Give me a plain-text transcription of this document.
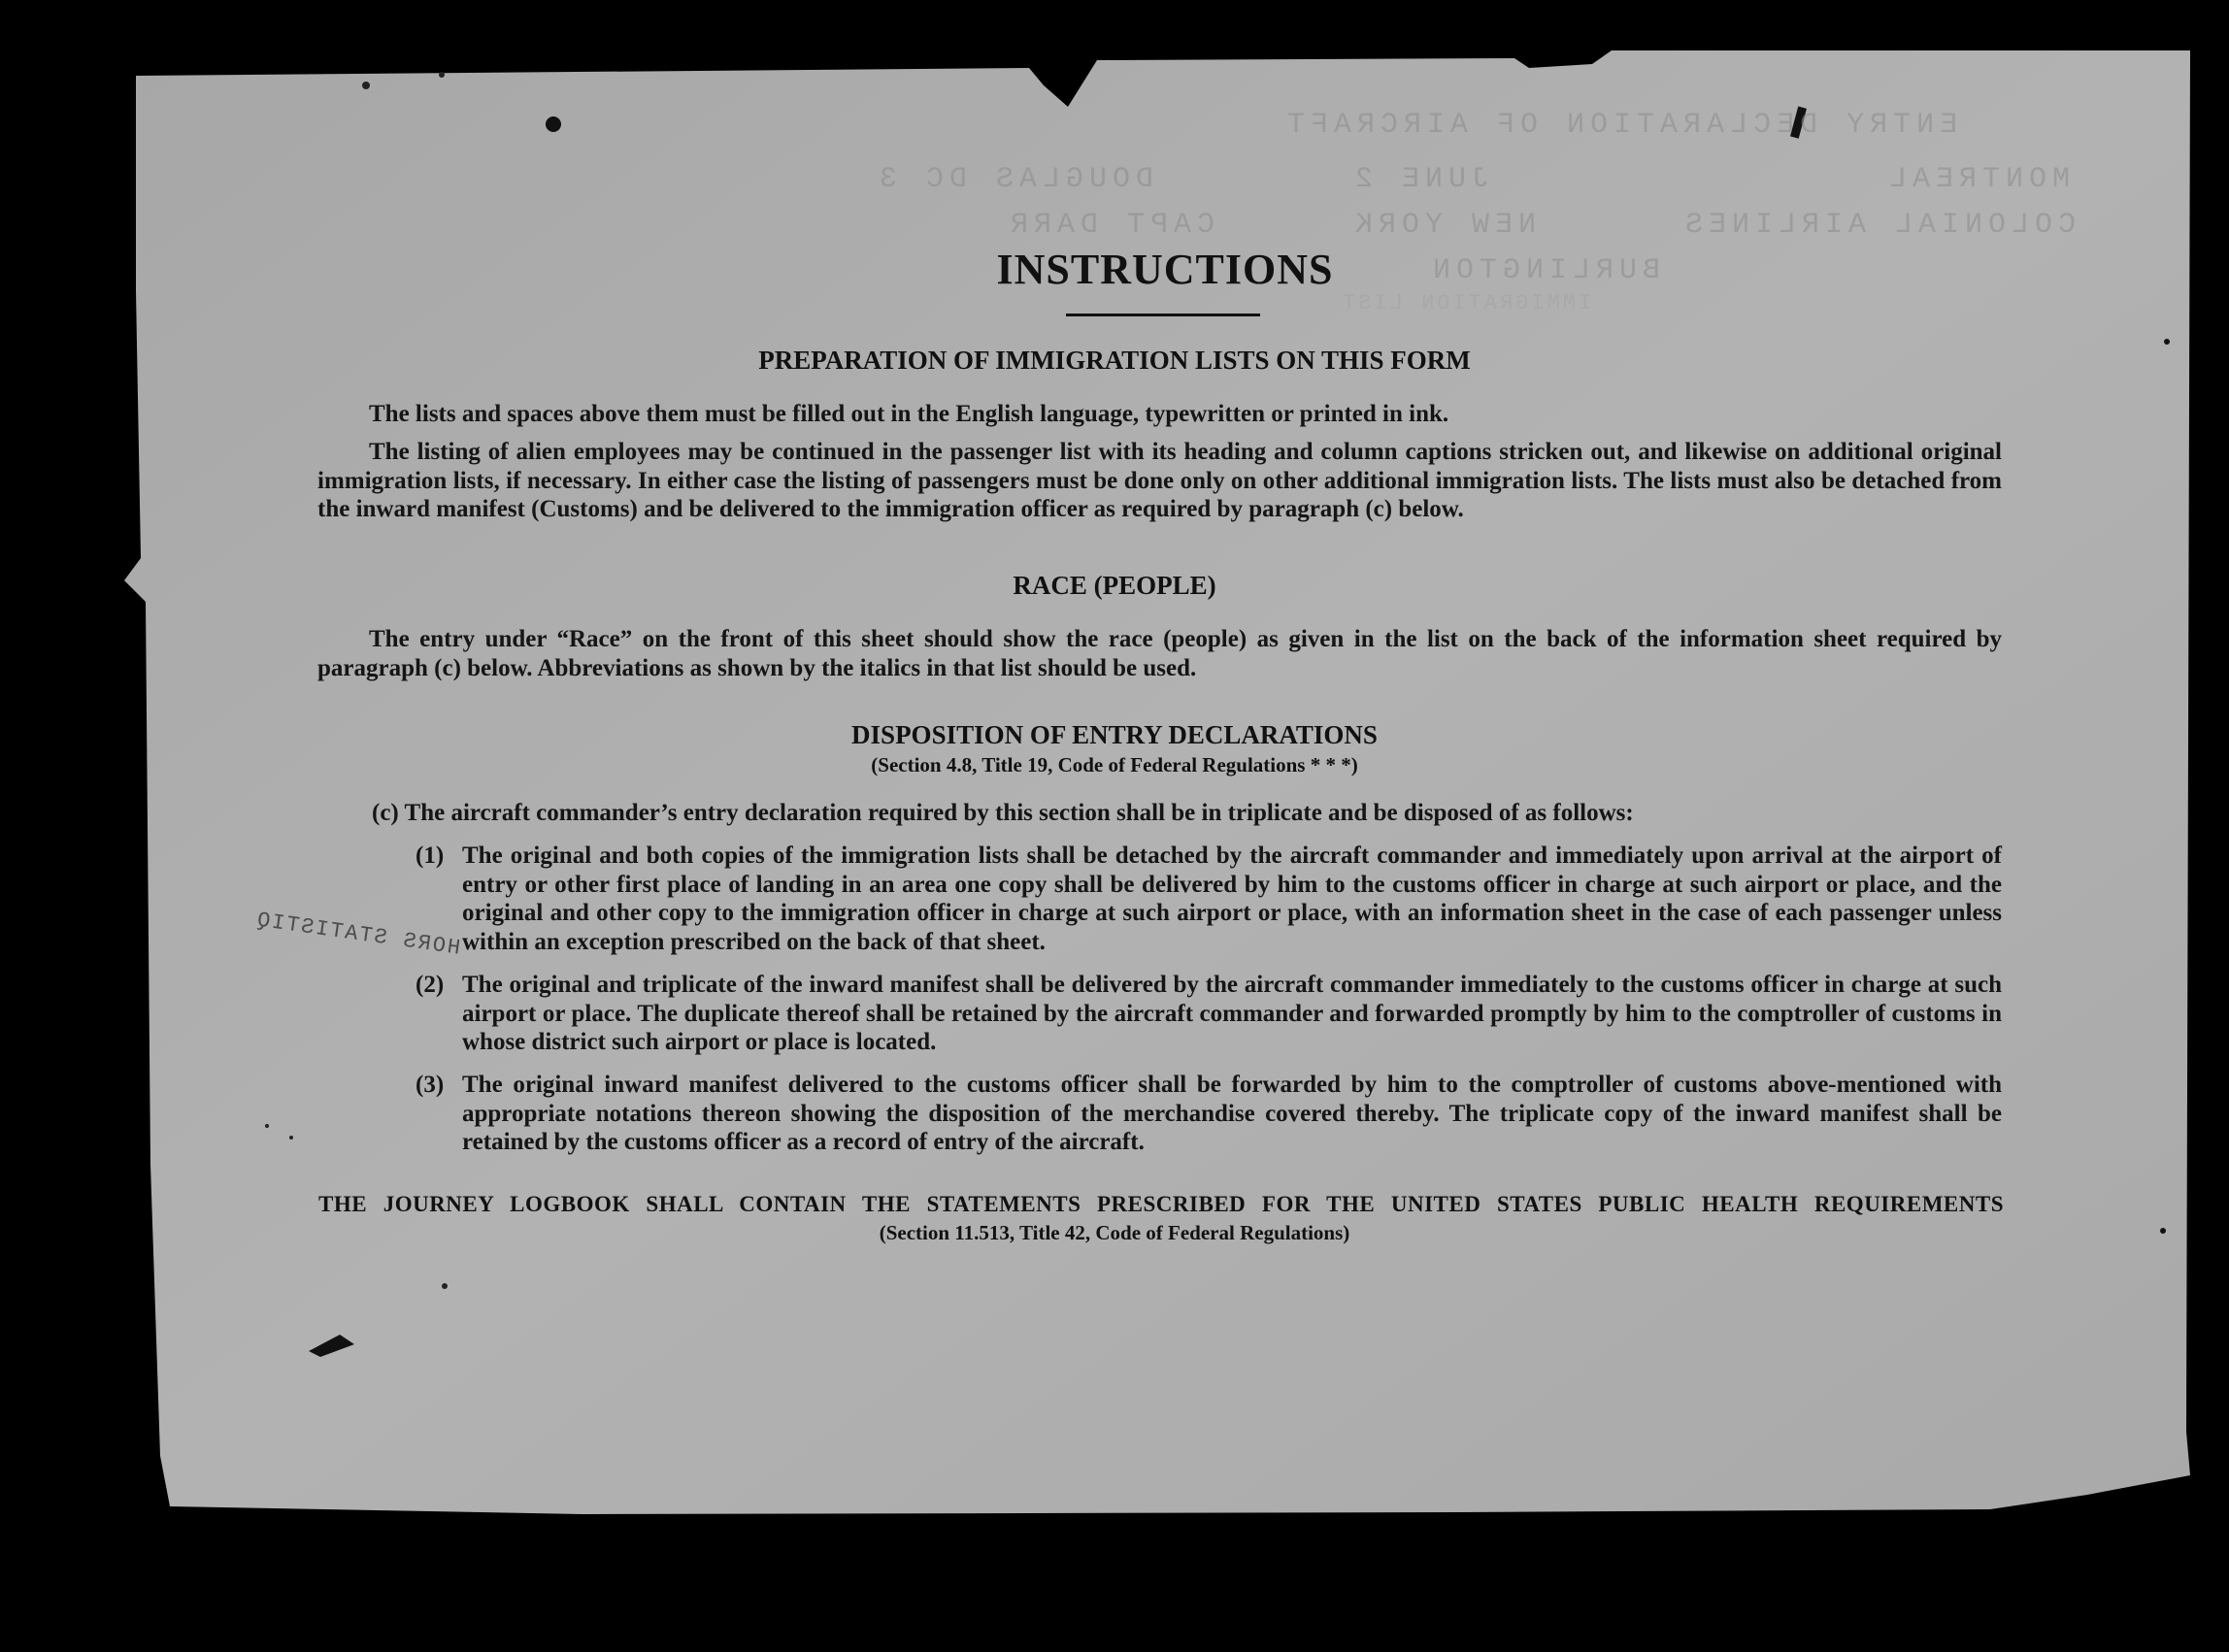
ENTRY DECLARATION OF AIRCRAFT
MONTREAL
JUNE 2
DOUGLAS DC 3
COLONIAL AIRLINES
NEW YORK
CAPT DARR
BURLINGTON
IMMIGRATION LIST
INSTRUCTIONS
PREPARATION OF IMMIGRATION LISTS ON THIS FORM
The lists and spaces above them must be filled out in the English language, typewritten or printed in ink.
The listing of alien employees may be continued in the passenger list with its heading and column captions stricken out, and likewise on additional original immigration lists, if necessary. In either case the listing of passengers must be done only on other additional immigration lists. The lists must also be detached from the inward manifest (Customs) and be delivered to the immigration officer as required by paragraph (c) below.
RACE (PEOPLE)
The entry under “Race” on the front of this sheet should show the race (people) as given in the list on the back of the information sheet required by paragraph (c) below. Abbreviations as shown by the italics in that list should be used.
DISPOSITION OF ENTRY DECLARATIONS
(Section 4.8, Title 19, Code of Federal Regulations * * *)
(c) The aircraft commander’s entry declaration required by this section shall be in triplicate and be disposed of as follows:
(1) The original and both copies of the immigration lists shall be detached by the aircraft commander and immediately upon arrival at the airport of entry or other first place of landing in an area one copy shall be delivered by him to the customs officer in charge at such airport or place, and the original and other copy to the immigration officer in charge at such airport or place, with an information sheet in the case of each passenger unless within an exception prescribed on the back of that sheet.
(2) The original and triplicate of the inward manifest shall be delivered by the aircraft commander immediately to the customs officer in charge at such airport or place. The duplicate thereof shall be retained by the aircraft commander and forwarded promptly by him to the comptroller of customs in whose district such airport or place is located.
(3) The original inward manifest delivered to the customs officer shall be forwarded by him to the comptroller of customs above-mentioned with appropriate notations thereon showing the disposition of the merchandise covered thereby. The triplicate copy of the inward manifest shall be retained by the customs officer as a record of entry of the aircraft.
THE JOURNEY LOGBOOK SHALL CONTAIN THE STATEMENTS PRESCRIBED FOR THE UNITED STATES PUBLIC HEALTH REQUIREMENTS
(Section 11.513, Title 42, Code of Federal Regulations)
HORS STATISTIQ
